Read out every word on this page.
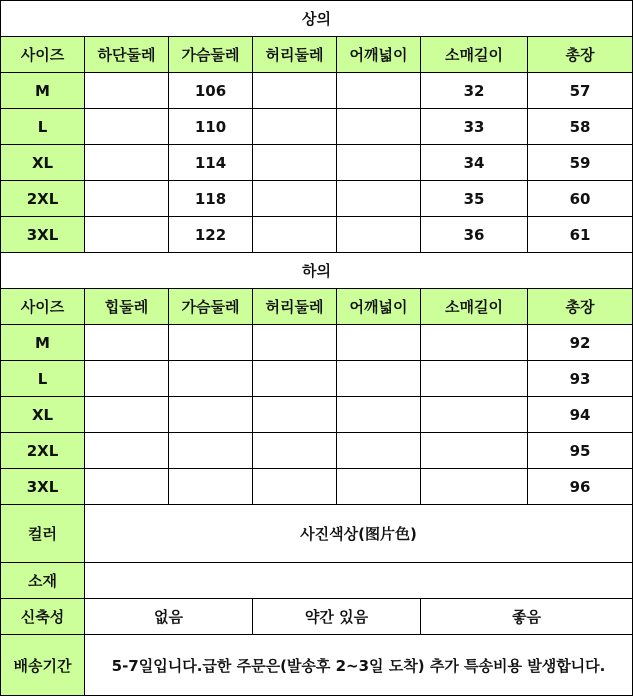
상의						
사이즈	하단둘레	가슴둘레	허리둘레	어깨넓이	소매길이	총장
M		106			32	57
L		110			33	58
XL		114			34	59
2XL		118			35	60
3XL		122			36	61
하의						
사이즈	힙둘레	가슴둘레	허리둘레	어깨넓이	소매길이	총장
M						92
L						93
XL						94
2XL						95
3XL						96
컬러	사진색상(图片色)					
소재						
신축성	없음		약간 있음		좋음	
배송기간	5-7일입니다.급한 주문은(발송후 2~3일 도착) 추가 특송비용 발생합니다.					
